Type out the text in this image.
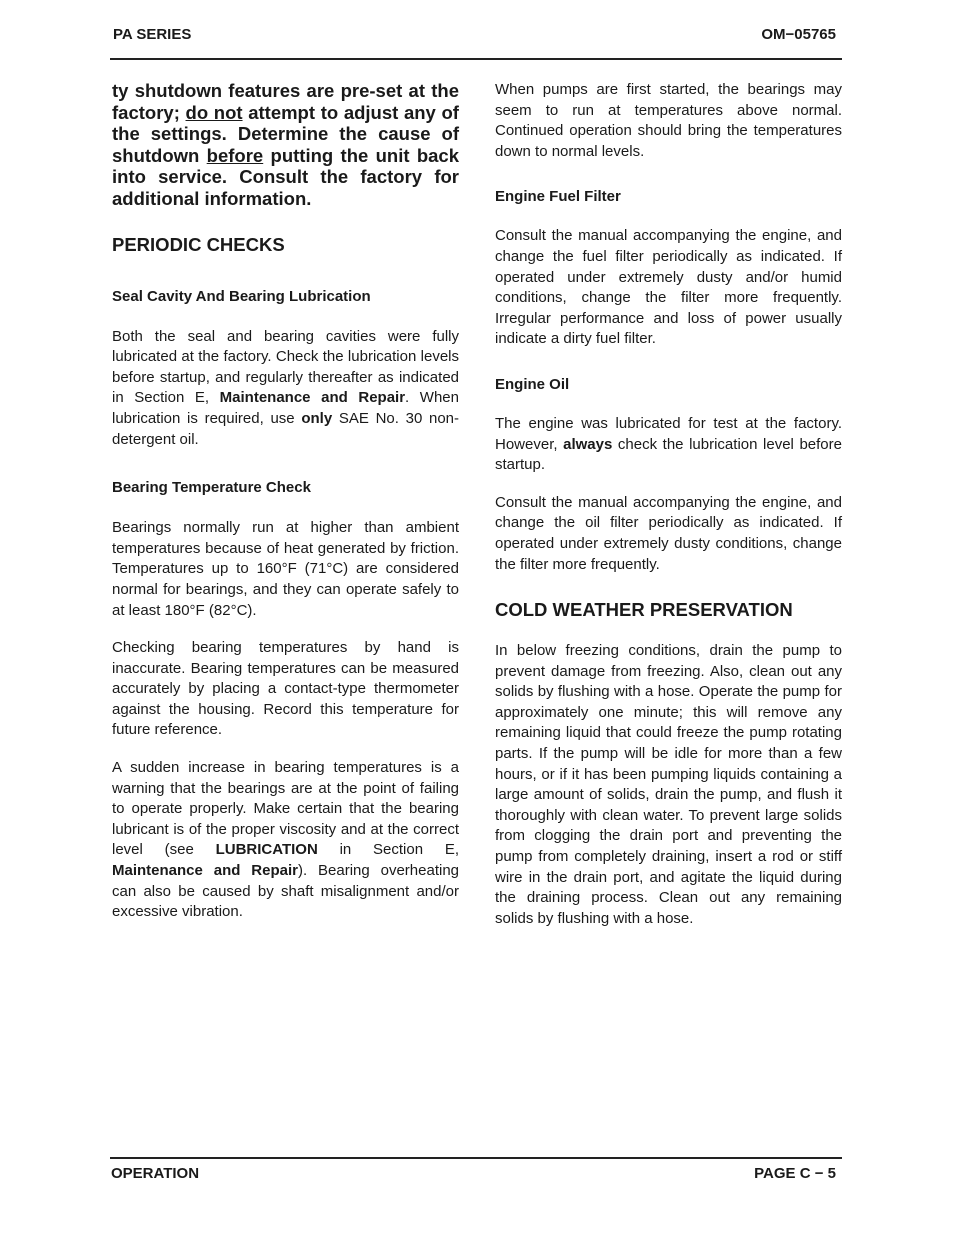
PA SERIES	OM−05765

ty shutdown features are pre-set at the factory; do not attempt to adjust any of the settings. Determine the cause of shutdown before putting the unit back into service. Consult the factory for additional information.

PERIODIC CHECKS
Seal Cavity And Bearing Lubrication

Both the seal and bearing cavities were fully lubricated at the factory. Check the lubrication levels before startup, and regularly thereafter as indicated in Section E, Maintenance and Repair. When lubrication is required, use only SAE No. 30 non-detergent oil.

Bearing Temperature Check

Bearings normally run at higher than ambient temperatures because of heat generated by friction. Temperatures up to 160°F (71°C) are considered normal for bearings, and they can operate safely to at least 180°F (82°C).

Checking bearing temperatures by hand is inaccurate. Bearing temperatures can be measured accurately by placing a contact-type thermometer against the housing. Record this temperature for future reference.

A sudden increase in bearing temperatures is a warning that the bearings are at the point of failing to operate properly. Make certain that the bearing lubricant is of the proper viscosity and at the correct level (see LUBRICATION in Section E, Maintenance and Repair). Bearing overheating can also be caused by shaft misalignment and/or excessive vibration.

When pumps are first started, the bearings may seem to run at temperatures above normal. Continued operation should bring the temperatures down to normal levels.

Engine Fuel Filter

Consult the manual accompanying the engine, and change the fuel filter periodically as indicated. If operated under extremely dusty and/or humid conditions, change the filter more frequently. Irregular performance and loss of power usually indicate a dirty fuel filter.

Engine Oil

The engine was lubricated for test at the factory. However, always check the lubrication level before startup.

Consult the manual accompanying the engine, and change the oil filter periodically as indicated. If operated under extremely dusty conditions, change the filter more frequently.

COLD WEATHER PRESERVATION

In below freezing conditions, drain the pump to prevent damage from freezing. Also, clean out any solids by flushing with a hose. Operate the pump for approximately one minute; this will remove any remaining liquid that could freeze the pump rotating parts. If the pump will be idle for more than a few hours, or if it has been pumping liquids containing a large amount of solids, drain the pump, and flush it thoroughly with clean water. To prevent large solids from clogging the drain port and preventing the pump from completely draining, insert a rod or stiff wire in the drain port, and agitate the liquid during the draining process. Clean out any remaining solids by flushing with a hose.

OPERATION	PAGE C − 5
